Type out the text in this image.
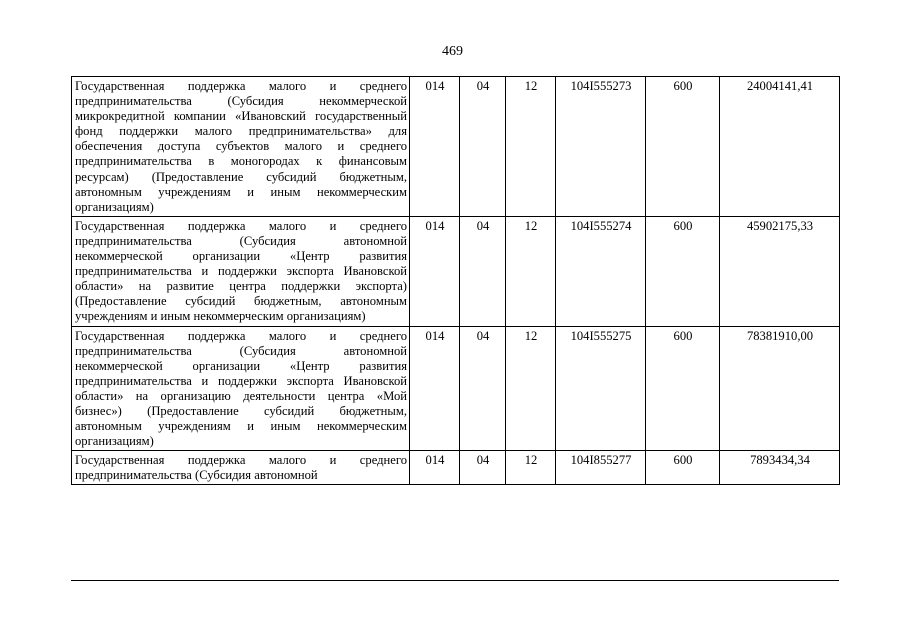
469
Государственная поддержка малого и среднего предпринимательства (Субсидия некоммерческой микрокредитной компании «Ивановский государственный фонд поддержки малого предпринимательства» для обеспечения доступа субъектов малого и среднего предпринимательства в моногородах к финансовым ресурсам) (Предоставление субсидий бюджетным, автономным учреждениям и иным некоммерческим организациям)	014	04	12	104I555273	600	24004141,41
Государственная поддержка малого и среднего предпринимательства (Субсидия автономной некоммерческой организации «Центр развития предпринимательства и поддержки экспорта Ивановской области» на развитие центра поддержки экспорта) (Предоставление субсидий бюджетным, автономным учреждениям и иным некоммерческим организациям)	014	04	12	104I555274	600	45902175,33
Государственная поддержка малого и среднего предпринимательства (Субсидия автономной некоммерческой организации «Центр развития предпринимательства и поддержки экспорта Ивановской области» на организацию деятельности центра «Мой бизнес») (Предоставление субсидий бюджетным, автономным учреждениям и иным некоммерческим организациям)	014	04	12	104I555275	600	78381910,00
Государственная поддержка малого и среднего предпринимательства (Субсидия автономной	014	04	12	104I855277	600	7893434,34
